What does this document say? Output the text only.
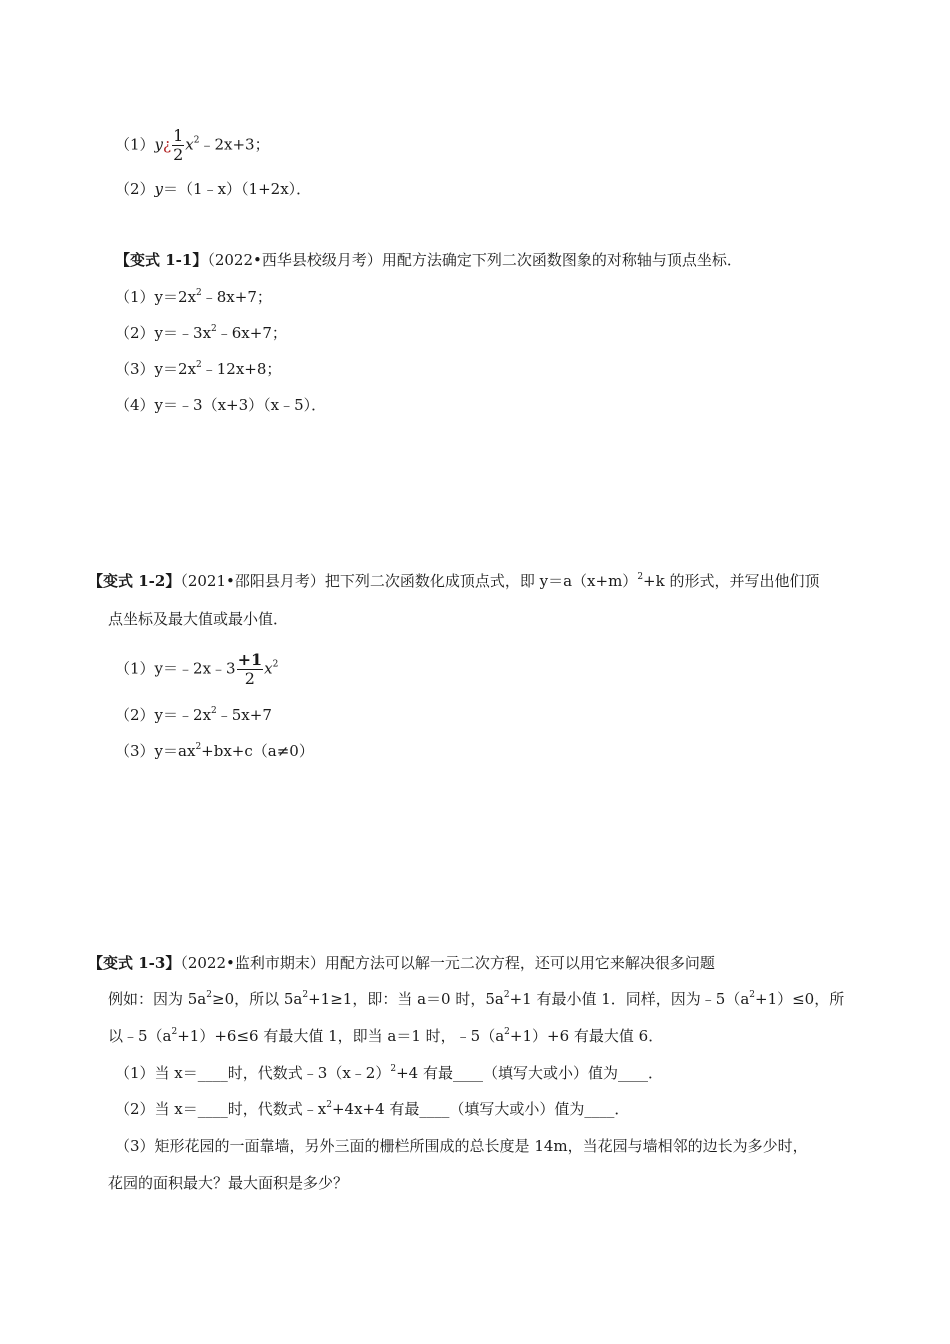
（1）y¿ $\frac{1}{2}$ $x^2﹣2x+3$；
（2）y＝（1﹣x）（1+2x）．
【变式 1-1】（2022•西华县校级月考）用配方法确定下列二次函数图象的对称轴与顶点坐标．
$(1)y=2x^2﹣8x+7$；
$(2)y=﹣3x^2﹣6x+7$；
$(3)y=2x^2﹣12x+8$；
（4）y＝﹣3（x+3）（x﹣5）．
【变式 1-2】（2021•邵阳县月考）把下列二次函数化成顶点式，即 $y=a(x+m)^2+k$ 的形式，并写出他们顶
点坐标及最大值或最小值．
（1）y＝﹣2x﹣3 $\frac{+1}{2} x^2$
$(2)y=﹣2x^2﹣5x+7$
$(3)y=ax^2+bx+c(a\ne 0)$
【变式 1-3】（2022•监利市期末）用配方法可以解一元二次方程，还可以用它来解决很多问题
例如：因为 $5a^2\ge 0$，所以 $5a^2+1\ge 1$，即：当 a＝0 时，$5a^2+1$ 有最小值 1．同样，因为$﹣5(a^2+1)\le 0$，所
以$﹣5(a^2+1)+6\le 6$ 有最大值 1，即当 a＝1 时，$﹣5(a^2+1)+6$ 有最大值 6．
（1）当 x＝____时，代数式﹣3（x﹣2）$^2$+4 有最____（填写大或小）值为____．
（2）当 x＝____时，代数式$﹣x^2+4x+4$ 有最____（填写大或小）值为____．
（3）矩形花园的一面靠墙，另外三面的栅栏所围成的总长度是 14m，当花园与墙相邻的边长为多少时，
花园的面积最大？最大面积是多少？
